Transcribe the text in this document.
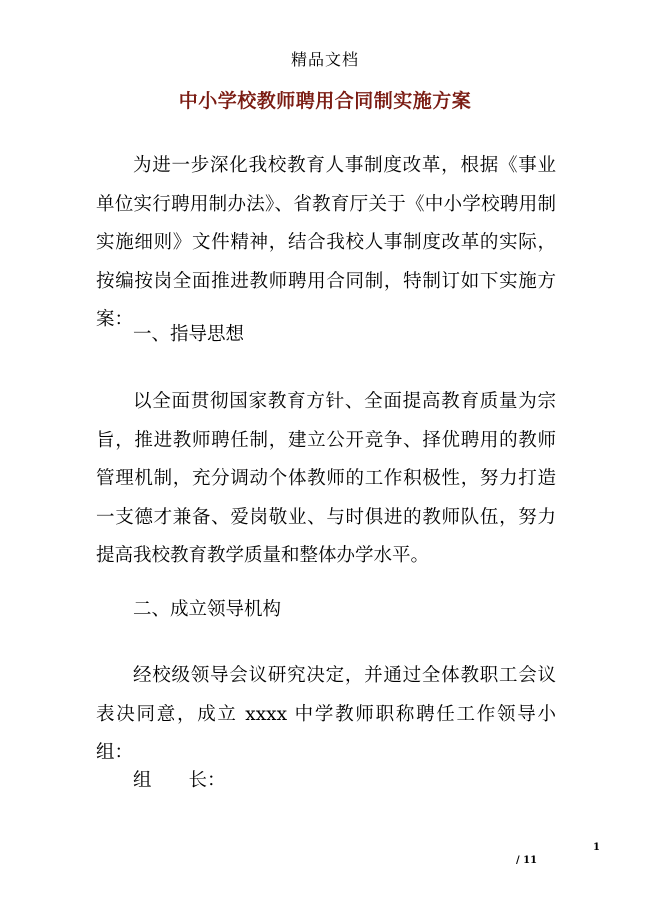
精品文档
中小学校教师聘用合同制实施方案

为进一步深化我校教育人事制度改革，根据《事业单位实行聘用制办法》、省教育厅关于《中小学校聘用制实施细则》文件精神，结合我校人事制度改革的实际，按编按岗全面推进教师聘用合同制，特制订如下实施方案：

一、指导思想

以全面贯彻国家教育方针、全面提高教育质量为宗旨，推进教师聘任制，建立公开竞争、择优聘用的教师管理机制，充分调动个体教师的工作积极性，努力打造一支德才兼备、爱岗敬业、与时俱进的教师队伍，努力提高我校教育教学质量和整体办学水平。

二、成立领导机构

经校级领导会议研究决定，并通过全体教职工会议表决同意，成立 xxxx 中学教师职称聘任工作领导小组：

组　　长：
1
/ 11
